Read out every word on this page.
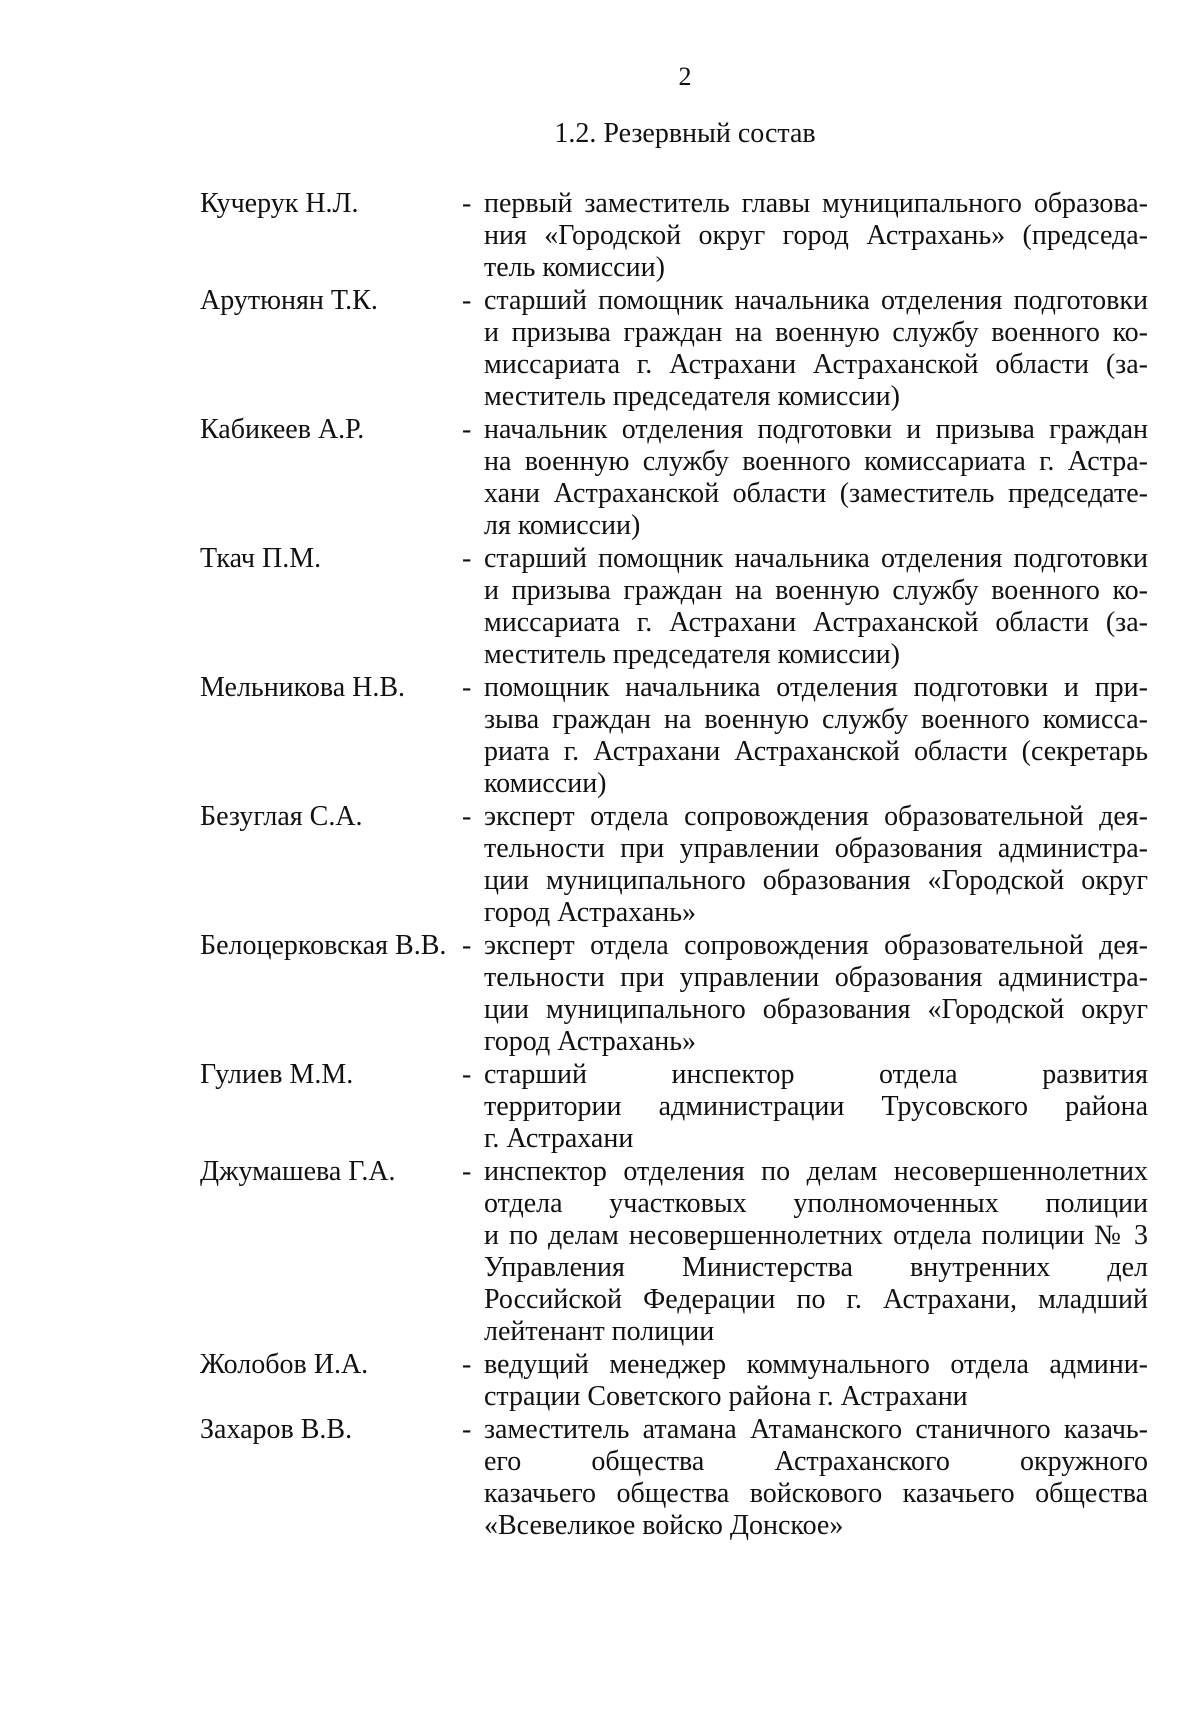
2
1.2. Резервный состав
Кучерук Н.Л.	- первый заместитель главы муниципального образова-
ния «Городской округ город Астрахань» (председа-
тель комиссии)
Арутюнян Т.К.	- старший помощник начальника отделения подготовки
и призыва граждан на военную службу военного ко-
миссариата г. Астрахани Астраханской области (за-
меститель председателя комиссии)
Кабикеев А.Р.	- начальник отделения подготовки и призыва граждан
на военную службу военного комиссариата г. Астра-
хани Астраханской области (заместитель председате-
ля комиссии)
Ткач П.М.	- старший помощник начальника отделения подготовки
и призыва граждан на военную службу военного ко-
миссариата г. Астрахани Астраханской области (за-
меститель председателя комиссии)
Мельникова Н.В.	- помощник начальника отделения подготовки и при-
зыва граждан на военную службу военного комисса-
риата г. Астрахани Астраханской области (секретарь
комиссии)
Безуглая С.А.	- эксперт отдела сопровождения образовательной дея-
тельности при управлении образования администра-
ции муниципального образования «Городской округ
город Астрахань»
Белоцерковская В.В. - эксперт отдела сопровождения образовательной дея-
тельности при управлении образования администра-
ции муниципального образования «Городской округ
город Астрахань»
Гулиев М.М.	- старший инспектор отдела развития
территории администрации Трусовского района
г. Астрахани
Джумашева Г.А.	- инспектор отделения по делам несовершеннолетних
отдела участковых уполномоченных полиции
и по делам несовершеннолетних отдела полиции № 3
Управления Министерства внутренних дел
Российской Федерации по г. Астрахани, младший
лейтенант полиции
Жолобов И.А.	- ведущий менеджер коммунального отдела админи-
страции Советского района г. Астрахани
Захаров В.В.	- заместитель атамана Атаманского станичного казачь-
его общества Астраханского окружного
казачьего общества войскового казачьего общества
«Всевеликое войско Донское»
